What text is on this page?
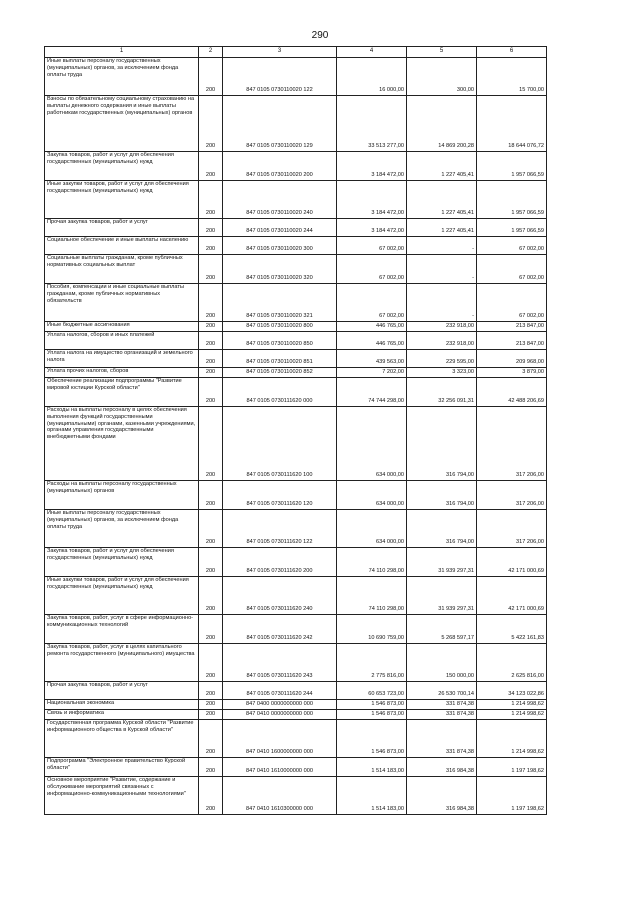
290
1	2	3	4	5	6
Иные выплаты персоналу государственных (муниципальных) органов, за исключением фонда оплаты труда	200	847 0105 0730110020 122	16 000,00	300,00	15 700,00
Взносы по обязательному социальному страхованию на выплаты денежного содержания и иные выплаты работникам государственных (муниципальных) органов	200	847 0105 0730110020 129	33 513 277,00	14 869 200,28	18 644 076,72
Закупка товаров, работ и услуг для обеспечения государственных (муниципальных) нужд	200	847 0105 0730110020 200	3 184 472,00	1 227 405,41	1 957 066,59
Иные закупки товаров, работ и услуг для обеспечения государственных (муниципальных) нужд	200	847 0105 0730110020 240	3 184 472,00	1 227 405,41	1 957 066,59
Прочая закупка товаров, работ и услуг	200	847 0105 0730110020 244	3 184 472,00	1 227 405,41	1 957 066,59
Социальное обеспечение и иные выплаты населению	200	847 0105 0730110020 300	67 002,00	-	67 002,00
Социальные выплаты гражданам, кроме публичных нормативных социальных выплат	200	847 0105 0730110020 320	67 002,00	-	67 002,00
Пособия, компенсации и иные социальные выплаты гражданам, кроме публичных нормативных обязательств	200	847 0105 0730110020 321	67 002,00	-	67 002,00
Иные бюджетные ассигнования	200	847 0105 0730110020 800	446 765,00	232 918,00	213 847,00
Уплата налогов, сборов и иных платежей	200	847 0105 0730110020 850	446 765,00	232 918,00	213 847,00
Уплата налога на имущество организаций и земельного налога	200	847 0105 0730110020 851	439 563,00	229 595,00	209 968,00
Уплата прочих налогов, сборов	200	847 0105 0730110020 852	7 202,00	3 323,00	3 879,00
Обеспечение реализации подпрограммы "Развитие мировой юстиции Курской области"	200	847 0105 0730111620 000	74 744 298,00	32 256 091,31	42 488 206,69
Расходы на выплаты персоналу в целях обеспечения выполнения функций государственными (муниципальными) органами, казенными учреждениями, органами управления государственными внебюджетными фондами	200	847 0105 0730111620 100	634 000,00	316 794,00	317 206,00
Расходы на выплаты персоналу государственных (муниципальных) органов	200	847 0105 0730111620 120	634 000,00	316 794,00	317 206,00
Иные выплаты персоналу государственных (муниципальных) органов, за исключением фонда оплаты труда	200	847 0105 0730111620 122	634 000,00	316 794,00	317 206,00
Закупка товаров, работ и услуг для обеспечения государственных (муниципальных) нужд	200	847 0105 0730111620 200	74 110 298,00	31 939 297,31	42 171 000,69
Иные закупки товаров, работ и услуг для обеспечения государственных (муниципальных) нужд	200	847 0105 0730111620 240	74 110 298,00	31 939 297,31	42 171 000,69
Закупка товаров, работ, услуг в сфере информационно-коммуникационных технологий	200	847 0105 0730111620 242	10 690 759,00	5 268 597,17	5 422 161,83
Закупка товаров, работ, услуг в целях капитального ремонта государственного (муниципального) имущества	200	847 0105 0730111620 243	2 775 816,00	150 000,00	2 625 816,00
Прочая закупка товаров, работ и услуг	200	847 0105 0730111620 244	60 653 723,00	26 530 700,14	34 123 022,86
Национальная экономика	200	847 0400 0000000000 000	1 546 873,00	331 874,38	1 214 998,62
Связь и информатика	200	847 0410 0000000000 000	1 546 873,00	331 874,38	1 214 998,62
Государственная программа Курской области "Развитие информационного общества в Курской области"	200	847 0410 1600000000 000	1 546 873,00	331 874,38	1 214 998,62
Подпрограмма "Электронное правительство Курской области"	200	847 0410 1610000000 000	1 514 183,00	316 984,38	1 197 198,62
Основное мероприятие "Развитие, содержание и обслуживание мероприятий связанных с информационно-коммуникационными технологиями"	200	847 0410 1610300000 000	1 514 183,00	316 984,38	1 197 198,62
